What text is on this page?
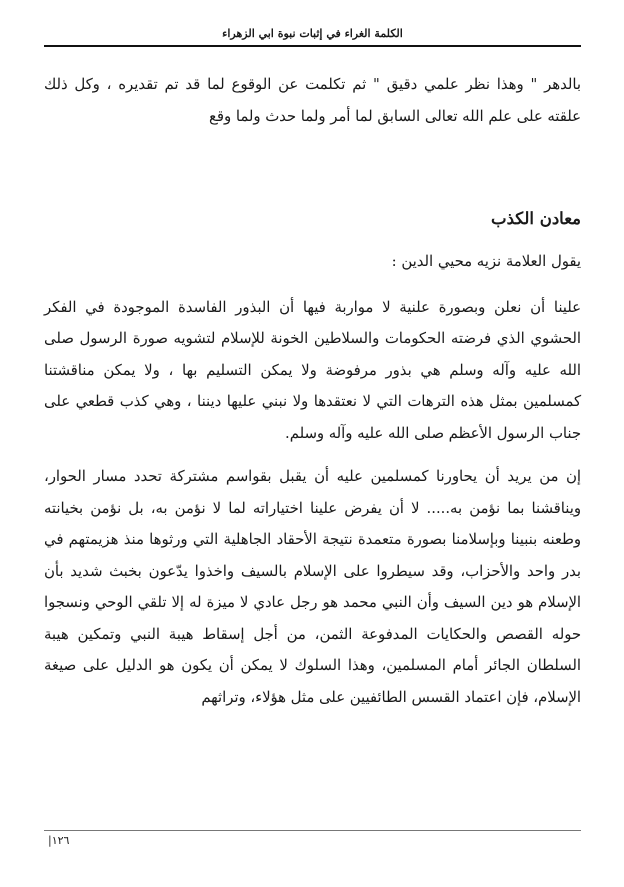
الكلمة الغراء في إثبات نبوة ابي الزهراء

بالدهر " وهذا نظر علمي دقيق " ثم تكلمت عن الوقوع لما قد تم تقديره ، وكل ذلك علقته على علم الله تعالى السابق لما أمر ولما حدث ولما وقع

معادن الكذب

يقول العلامة نزيه محيي الدين :

علينا أن نعلن وبصورة علنية لا مواربة فيها أن البذور الفاسدة الموجودة في الفكر الحشوي الذي فرضته الحكومات والسلاطين الخونة للإسلام لتشويه صورة الرسول صلى الله عليه وآله وسلم هي بذور مرفوضة ولا يمكن التسليم بها ، ولا يمكن مناقشتنا كمسلمين بمثل هذه الترهات التي لا نعتقدها ولا نبني عليها ديننا ، وهي كذب قطعي على جناب الرسول الأعظم صلى الله عليه وآله وسلم.

إن من يريد أن يحاورنا كمسلمين عليه أن يقبل بقواسم مشتركة تحدد مسار الحوار، ويناقشنا بما نؤمن به..... لا أن يفرض علينا اختياراته لما لا نؤمن به، بل نؤمن بخيانته وطعنه بنبينا وبإسلامنا بصورة متعمدة نتيجة الأحقاد الجاهلية التي ورثوها منذ هزيمتهم في بدر واحد والأحزاب، وقد سيطروا على الإسلام بالسيف واخذوا يدّعون بخبث شديد بأن الإسلام هو دين السيف وأن النبي محمد هو رجل عادي لا ميزة له إلا تلقي الوحي ونسجوا حوله القصص والحكايات المدفوعة الثمن، من أجل إسقاط هيبة النبي وتمكين هيبة السلطان الجائر أمام المسلمين، وهذا السلوك لا يمكن أن يكون هو الدليل على صيغة الإسلام، فإن اعتماد القسس الطائفيين على مثل هؤلاء، وتراثهم

|١٢٦
